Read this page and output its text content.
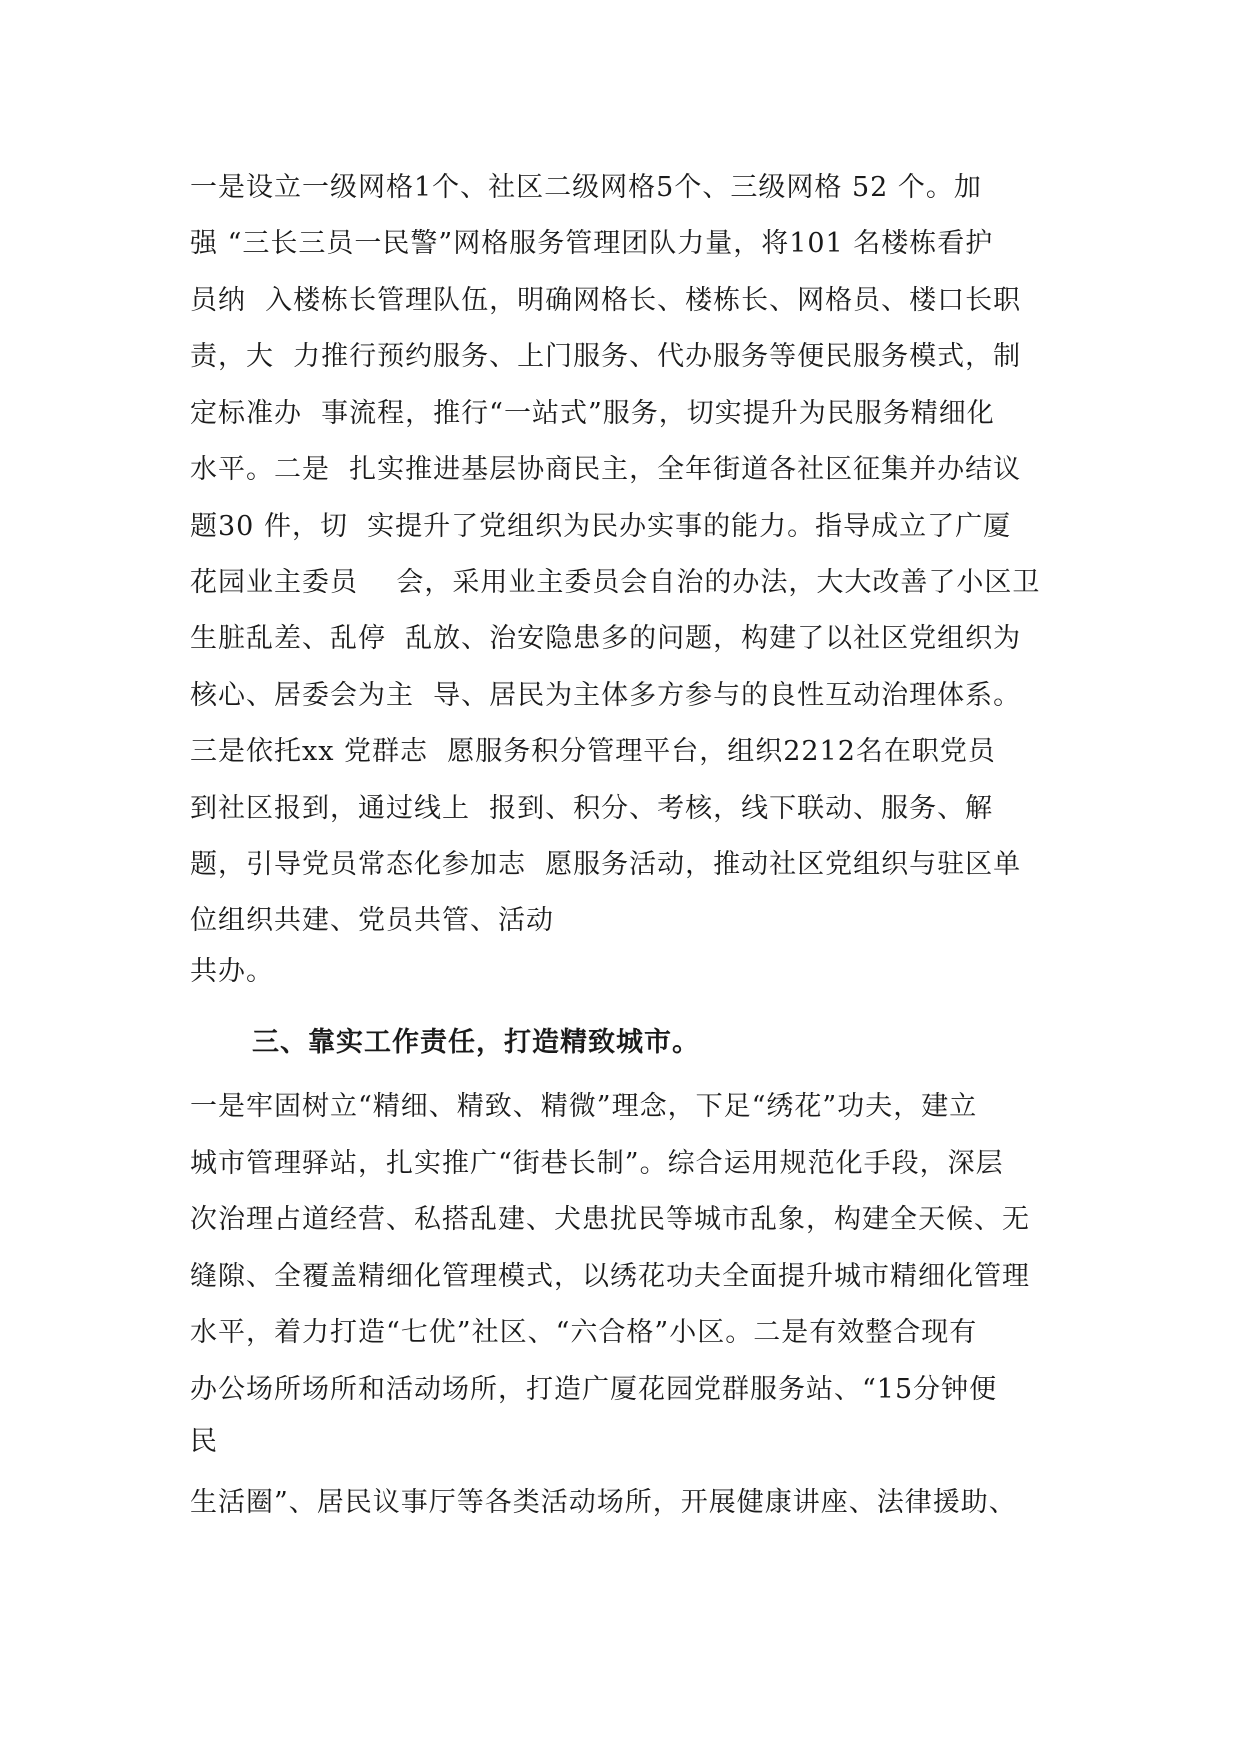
一是设立一级网格1个、社区二级网格5个、三级网格 52 个。加
强 “三长三员一民警”网格服务管理团队力量，将101 名楼栋看护
员纳  入楼栋长管理队伍，明确网格长、楼栋长、网格员、楼口长职
责，大  力推行预约服务、上门服务、代办服务等便民服务模式，制
定标准办  事流程，推行“一站式”服务，切实提升为民服务精细化
水平。二是  扎实推进基层协商民主，全年街道各社区征集并办结议
题30 件，切  实提升了党组织为民办实事的能力。指导成立了广厦
花园业主委员    会，采用业主委员会自治的办法，大大改善了小区卫
生脏乱差、乱停  乱放、治安隐患多的问题，构建了以社区党组织为
核心、居委会为主  导、居民为主体多方参与的良性互动治理体系。
三是依托xx 党群志  愿服务积分管理平台，组织2212名在职党员
到社区报到，通过线上  报到、积分、考核，线下联动、服务、解
题，引导党员常态化参加志  愿服务活动，推动社区党组织与驻区单
位组织共建、党员共管、活动
共办。
三、靠实工作责任，打造精致城市。
一是牢固树立“精细、精致、精微”理念，下足“绣花”功夫，建立
城市管理驿站，扎实推广“街巷长制”。综合运用规范化手段，深层
次治理占道经营、私搭乱建、犬患扰民等城市乱象，构建全天候、无
缝隙、全覆盖精细化管理模式，以绣花功夫全面提升城市精细化管理
水平，着力打造“七优”社区、“六合格”小区。二是有效整合现有
办公场所场所和活动场所，打造广厦花园党群服务站、“15分钟便
民
生活圈”、居民议事厅等各类活动场所，开展健康讲座、法律援助、
